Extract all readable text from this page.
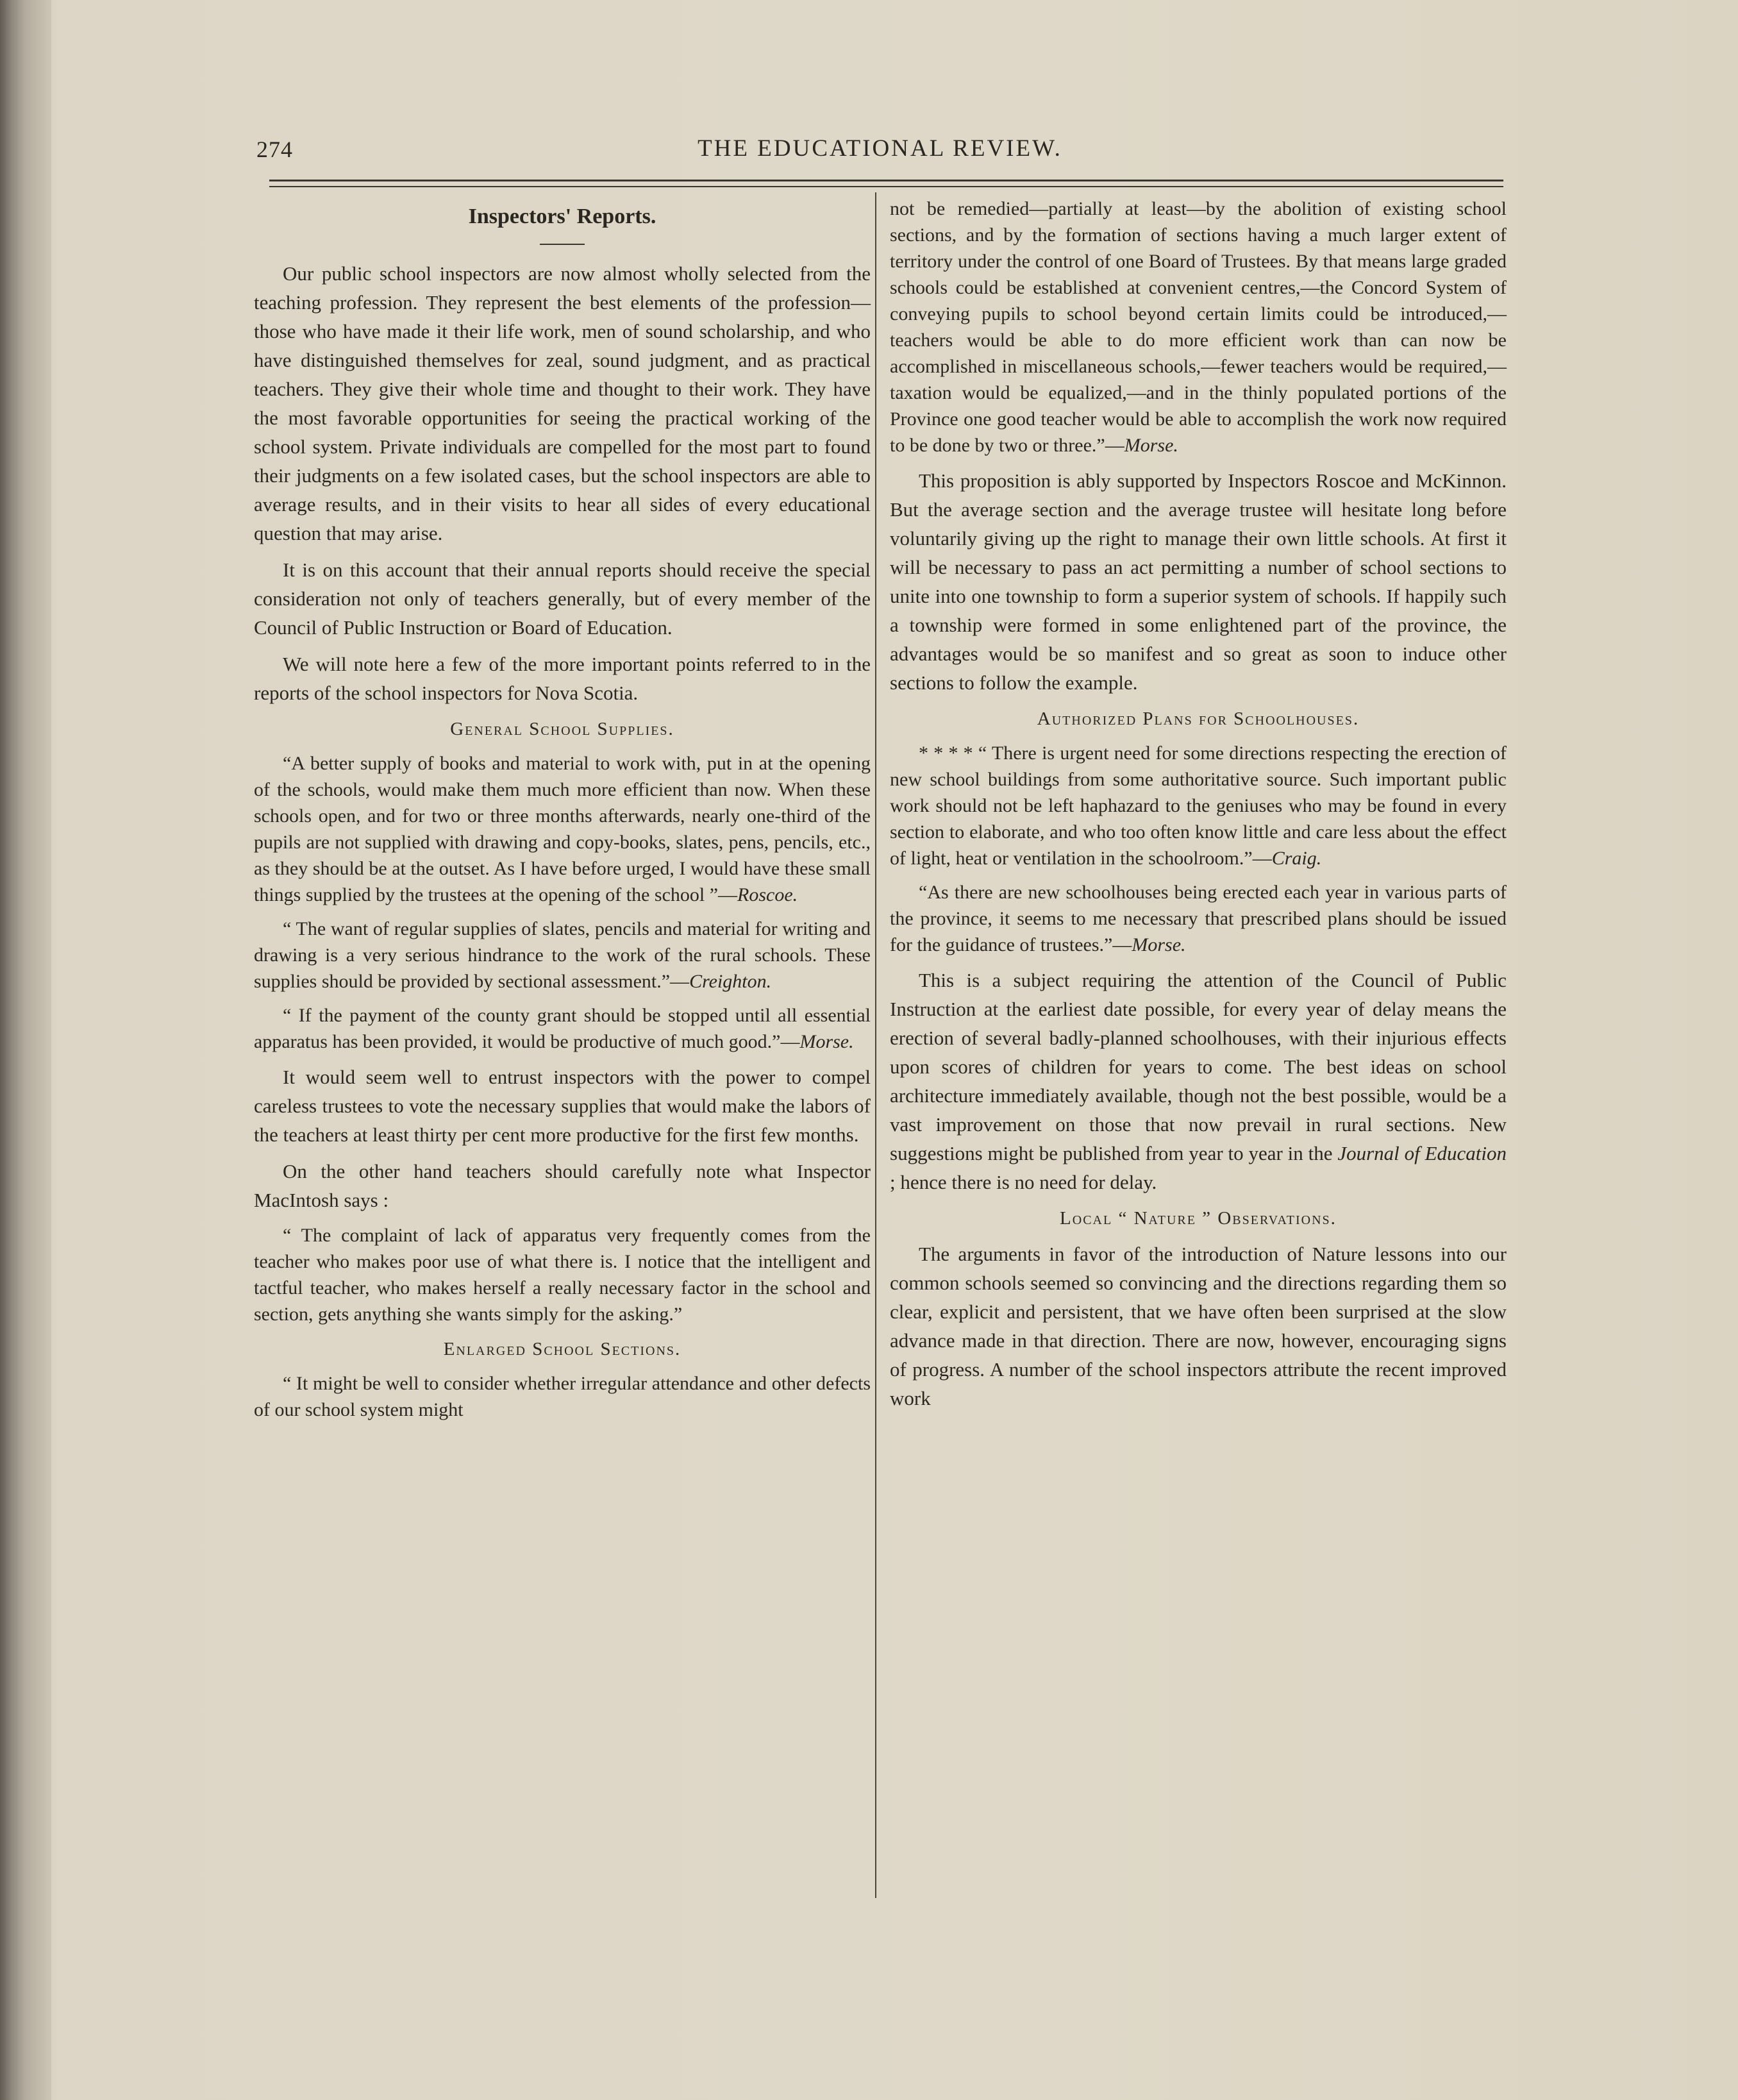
274	THE EDUCATIONAL REVIEW.
Inspectors' Reports.

Our public school inspectors are now almost wholly selected from the teaching profession. They represent the best elements of the profession—those who have made it their life work, men of sound scholarship, and who have distinguished themselves for zeal, sound judgment, and as practical teachers. They give their whole time and thought to their work. They have the most favorable opportunities for seeing the practical working of the school system. Private individuals are compelled for the most part to found their judgments on a few isolated cases, but the school inspectors are able to average results, and in their visits to hear all sides of every educational question that may arise.

It is on this account that their annual reports should receive the special consideration not only of teachers generally, but of every member of the Council of Public Instruction or Board of Education.

We will note here a few of the more important points referred to in the reports of the school inspectors for Nova Scotia.

General School Supplies.

“A better supply of books and material to work with, put in at the opening of the schools, would make them much more efficient than now. When these schools open, and for two or three months afterwards, nearly one-third of the pupils are not supplied with drawing and copy-books, slates, pens, pencils, etc., as they should be at the outset. As I have before urged, I would have these small things supplied by the trustees at the opening of the school ”—Roscoe.

“ The want of regular supplies of slates, pencils and material for writing and drawing is a very serious hindrance to the work of the rural schools. These supplies should be provided by sectional assessment.”—Creighton.

“ If the payment of the county grant should be stopped until all essential apparatus has been provided, it would be productive of much good.”—Morse.

It would seem well to entrust inspectors with the power to compel careless trustees to vote the necessary supplies that would make the labors of the teachers at least thirty per cent more productive for the first few months.

On the other hand teachers should carefully note what Inspector MacIntosh says :

“ The complaint of lack of apparatus very frequently comes from the teacher who makes poor use of what there is. I notice that the intelligent and tactful teacher, who makes herself a really necessary factor in the school and section, gets anything she wants simply for the asking.”

Enlarged School Sections.

“ It might be well to consider whether irregular attendance and other defects of our school system might

not be remedied—partially at least—by the abolition of existing school sections, and by the formation of sections having a much larger extent of territory under the control of one Board of Trustees. By that means large graded schools could be established at convenient centres,—the Concord System of conveying pupils to school beyond certain limits could be introduced,—teachers would be able to do more efficient work than can now be accomplished in miscellaneous schools,—fewer teachers would be required,—taxation would be equalized,—and in the thinly populated portions of the Province one good teacher would be able to accomplish the work now required to be done by two or three.”—Morse.

This proposition is ably supported by Inspectors Roscoe and McKinnon. But the average section and the average trustee will hesitate long before voluntarily giving up the right to manage their own little schools. At first it will be necessary to pass an act permitting a number of school sections to unite into one township to form a superior system of schools. If happily such a township were formed in some enlightened part of the province, the advantages would be so manifest and so great as soon to induce other sections to follow the example.

Authorized Plans for Schoolhouses.

* * * * “ There is urgent need for some directions respecting the erection of new school buildings from some authoritative source. Such important public work should not be left haphazard to the geniuses who may be found in every section to elaborate, and who too often know little and care less about the effect of light, heat or ventilation in the schoolroom.”—Craig.

“As there are new schoolhouses being erected each year in various parts of the province, it seems to me necessary that prescribed plans should be issued for the guidance of trustees.”—Morse.

This is a subject requiring the attention of the Council of Public Instruction at the earliest date possible, for every year of delay means the erection of several badly-planned schoolhouses, with their injurious effects upon scores of children for years to come. The best ideas on school architecture immediately available, though not the best possible, would be a vast improvement on those that now prevail in rural sections. New suggestions might be published from year to year in the Journal of Education ; hence there is no need for delay.

Local “ Nature ” Observations.

The arguments in favor of the introduction of Nature lessons into our common schools seemed so convincing and the directions regarding them so clear, explicit and persistent, that we have often been surprised at the slow advance made in that direction. There are now, however, encouraging signs of progress. A number of the school inspectors attribute the recent improved work
